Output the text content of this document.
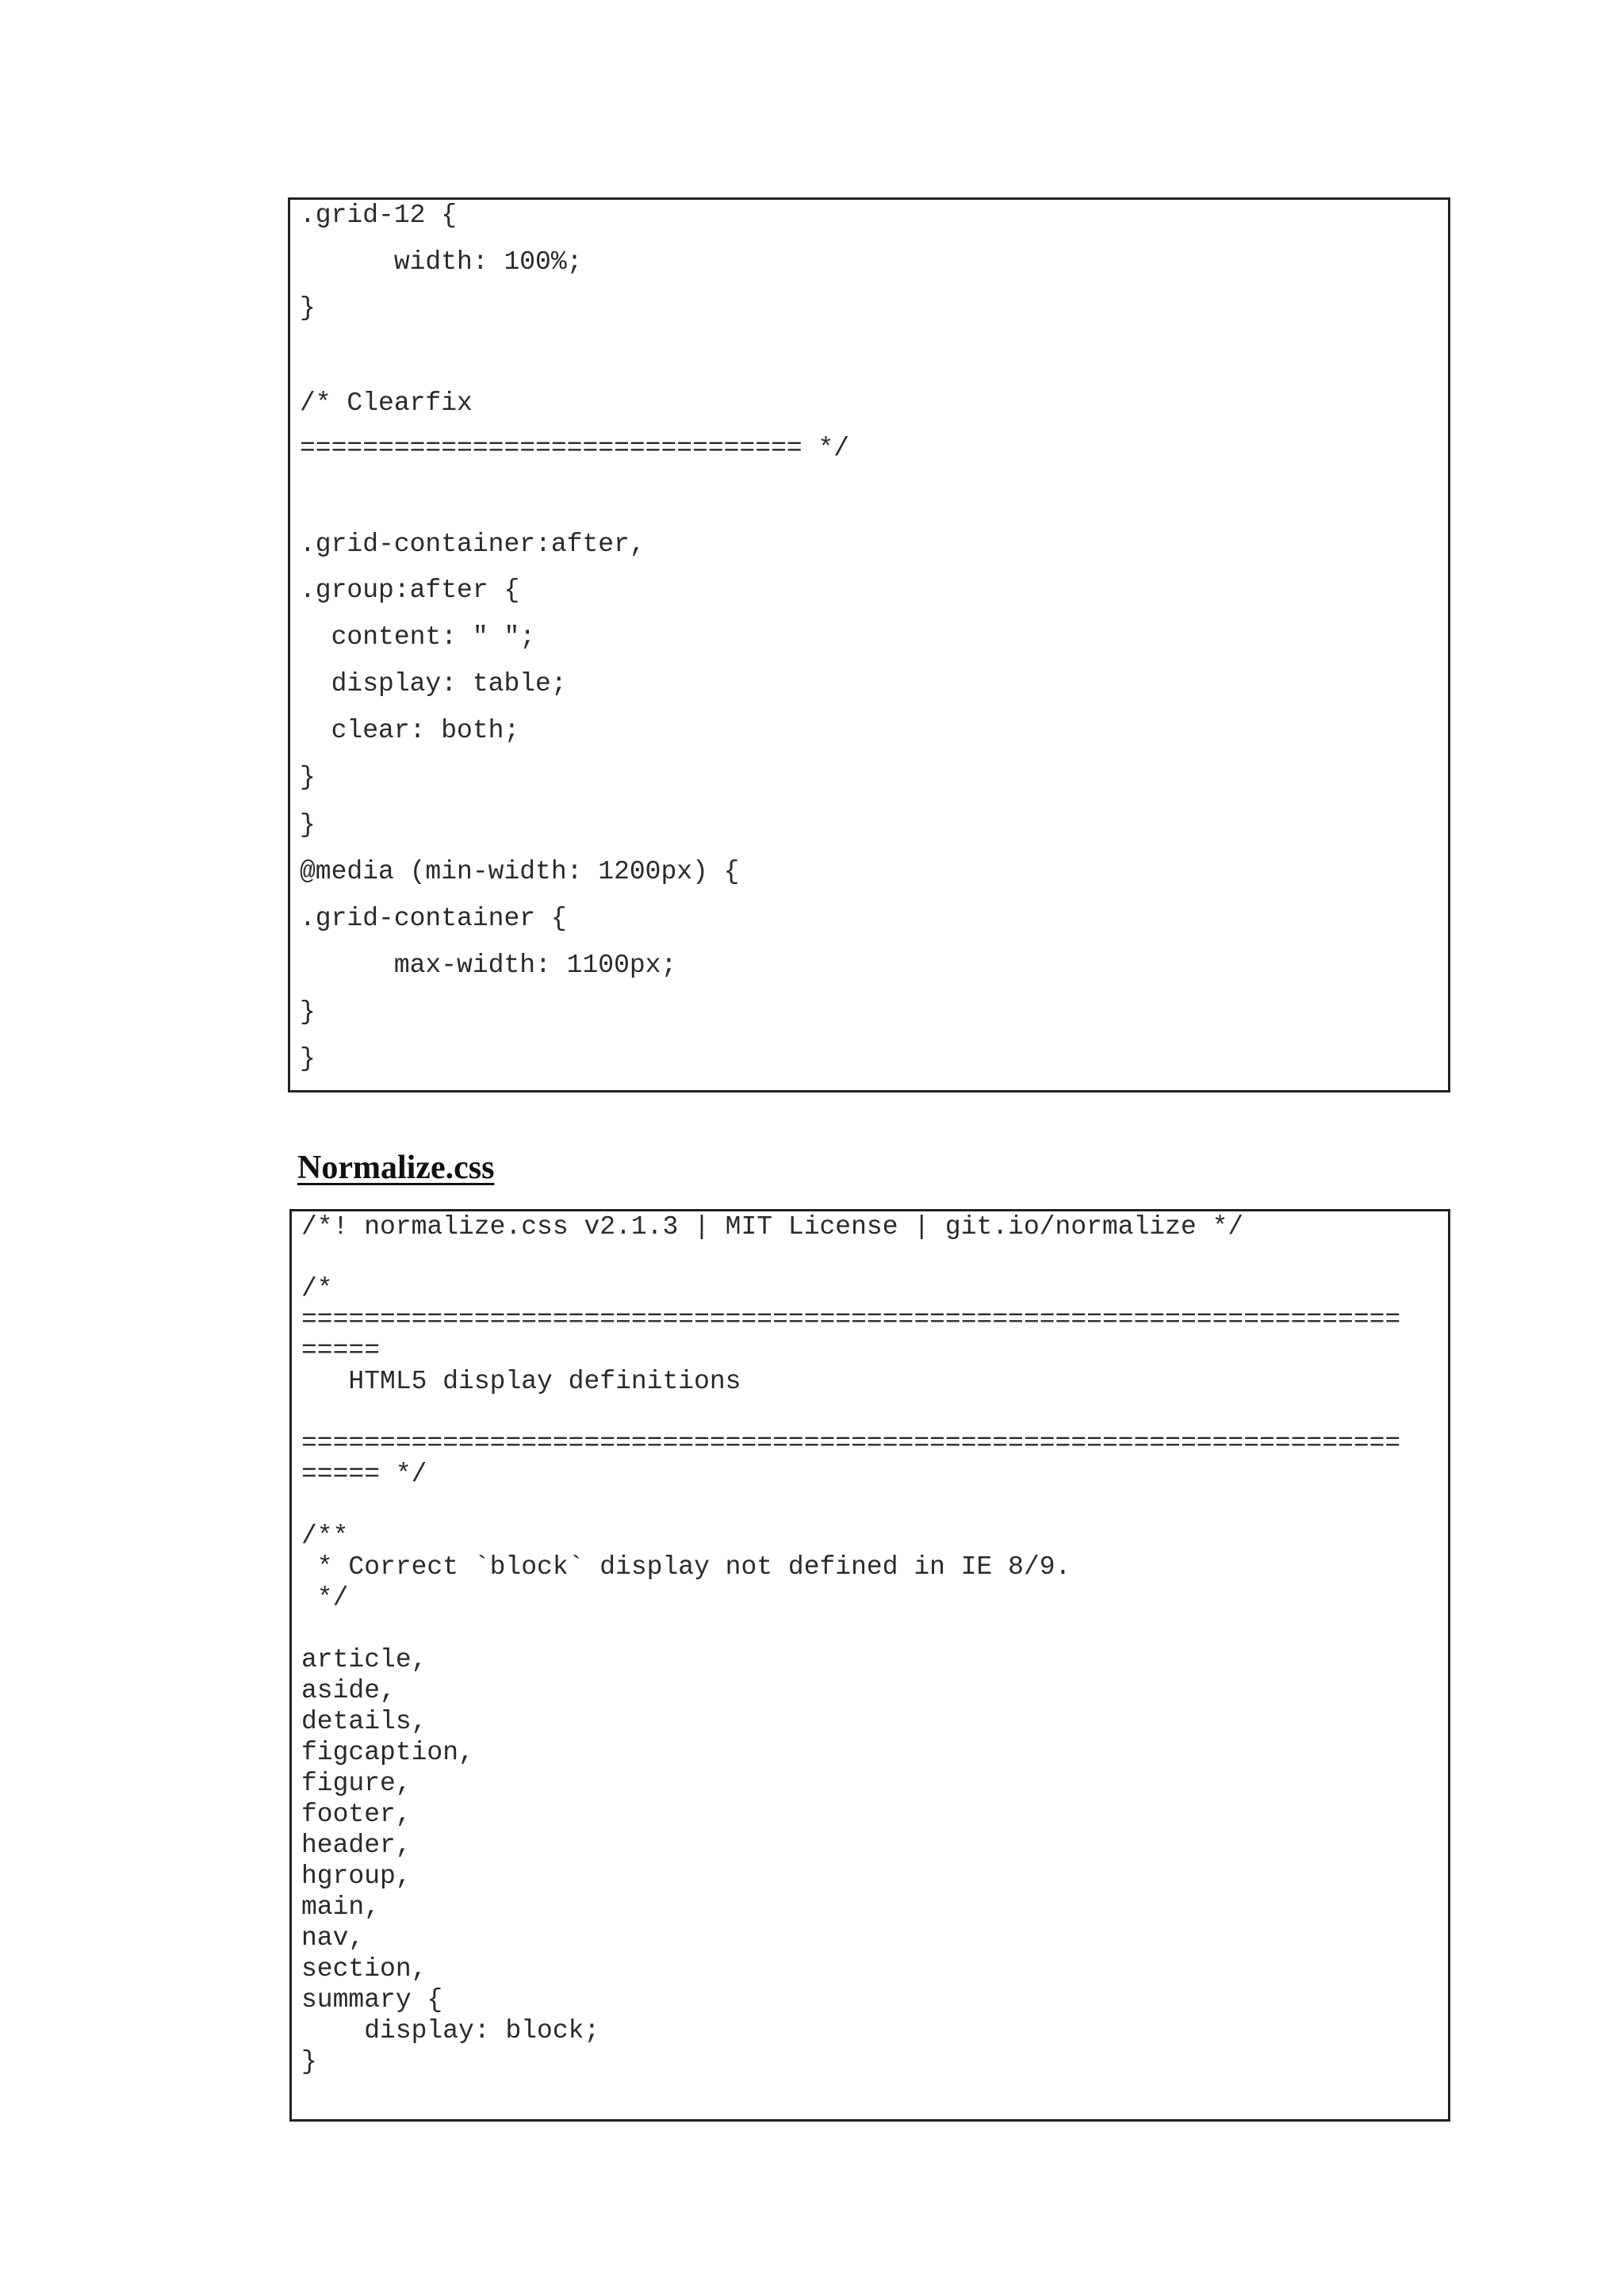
.grid-12 {
width: 100%;
}
/* Clearfix
================================ */
.grid-container:after,
.group:after {
content: " ";
display: table;
clear: both;
}
}
@media (min-width: 1200px) {
.grid-container {
max-width: 1100px;
}
}
Normalize.css
/*! normalize.css v2.1.3 | MIT License | git.io/normalize */
/*
======================================================================
=====
HTML5 display definitions
======================================================================
===== */
/**
* Correct `block` display not defined in IE 8/9.
*/
article,
aside,
details,
figcaption,
figure,
footer,
header,
hgroup,
main,
nav,
section,
summary {
display: block;
}
